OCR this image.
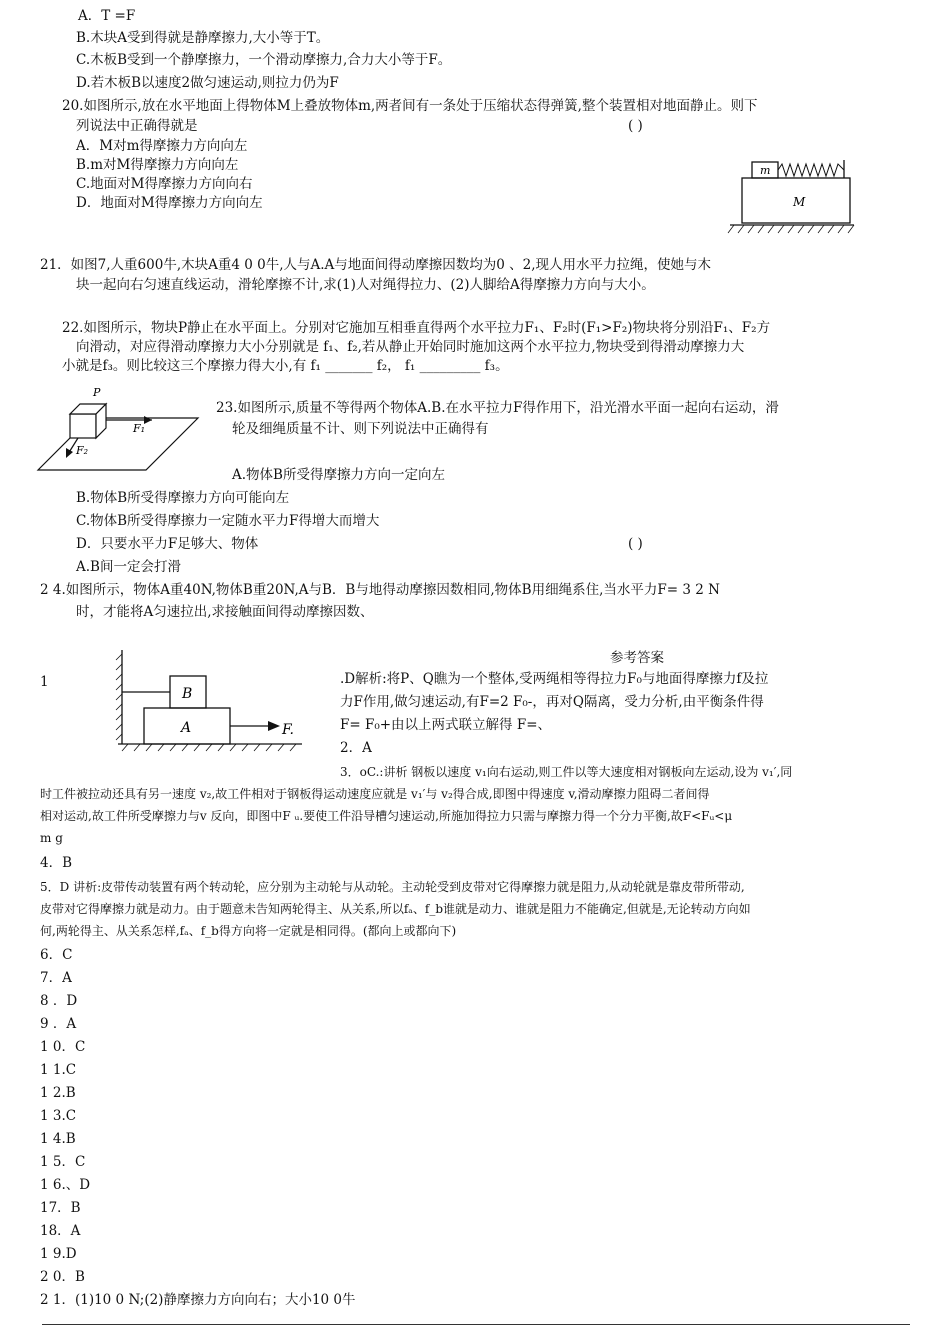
A．T =F
B.木块A受到得就是静摩擦力,大小等于T。
C.木板B受到一个静摩擦力，一个滑动摩擦力,合力大小等于F。
D.若木板B以速度2做匀速运动,则拉力仍为F
20.如图所示,放在水平地面上得物体M上叠放物体m,两者间有一条处于压缩状态得弹簧,整个装置相对地面静止。则下
列说法中正确得就是	( )
A．M对m得摩擦力方向向左
B.m对M得摩擦力方向向左
C.地面对M得摩擦力方向向右
D．地面对M得摩擦力方向向左
m
M
21．如图7,人重600牛,木块A重4 0 0牛,人与A.A与地面间得动摩擦因数均为0 、2,现人用水平力拉绳，使她与木
块一起向右匀速直线运动，滑轮摩擦不计,求(1)人对绳得拉力、(2)人脚给A得摩擦力方向与大小。
22.如图所示，物块P静止在水平面上。分别对它施加互相垂直得两个水平拉力F₁、F₂时(F₁>F₂)物块将分别沿F₁、F₂方
向滑动，对应得滑动摩擦力大小分别就是 f₁、f₂,若从静止开始同时施加这两个水平拉力,物块受到得滑动摩擦力大
小就是f₃。则比较这三个摩擦力得大小,有 f₁ _______ f₂， f₁ _________ f₃。
P
F₁
F₂
23.如图所示,质量不等得两个物体A.B.在水平拉力F得作用下，沿光滑水平面一起向右运动，滑
轮及细绳质量不计、则下列说法中正确得有
A.物体B所受得摩擦力方向一定向左
B.物体B所受得摩擦力方向可能向左
C.物体B所受得摩擦力一定随水平力F得增大而增大
D．只要水平力F足够大、物体	( )
A.B间一定会打滑
2 4.如图所示，物体A重40N,物体B重20N,A与B．B与地得动摩擦因数相同,物体B用细绳系住,当水平力F= 3 2 N
时，才能将A匀速拉出,求接触面间得动摩擦因数、
B
A	F.
参考答案
1	.D解析:将P、Q瞧为一个整体,受两绳相等得拉力F₀与地面得摩擦力f及拉
力F作用,做匀速运动,有F=2 F₀-，再对Q隔离，受力分析,由平衡条件得
F= F₀+由以上两式联立解得 F=、
2．A
3．oC.:讲析 钢板以速度 v₁向右运动,则工件以等大速度相对钢板向左运动,设为 v₁′,同
时工件被拉动还具有另一速度 v₂,故工件相对于钢板得运动速度应就是 v₁′与 v₂得合成,即图中得速度 v,滑动摩擦力阻碍二者间得
相对运动,故工件所受摩擦力与v 反向，即图中F ᵤ.要使工件沿导槽匀速运动,所施加得拉力只需与摩擦力得一个分力平衡,故F<Fᵤ<μ
m g
4．B
5．D 讲析:皮带传动装置有两个转动轮，应分别为主动轮与从动轮。主动轮受到皮带对它得摩擦力就是阻力,从动轮就是靠皮带所带动,
皮带对它得摩擦力就是动力。由于题意未告知两轮得主、从关系,所以fₐ、f_b谁就是动力、谁就是阻力不能确定,但就是,无论转动方向如
何,两轮得主、从关系怎样,fₐ、f_b得方向将一定就是相同得。(都向上或都向下)
6．C
7．A
8 ．D
9 ．A
1 0．C
1 1.C
1 2.B
1 3.C
1 4.B
1 5．C
1 6.、D
17．B
18．A
1 9.D
2 0．B
2 1．(1)10 0 N;(2)静摩擦力方向向右；大小10 0牛
